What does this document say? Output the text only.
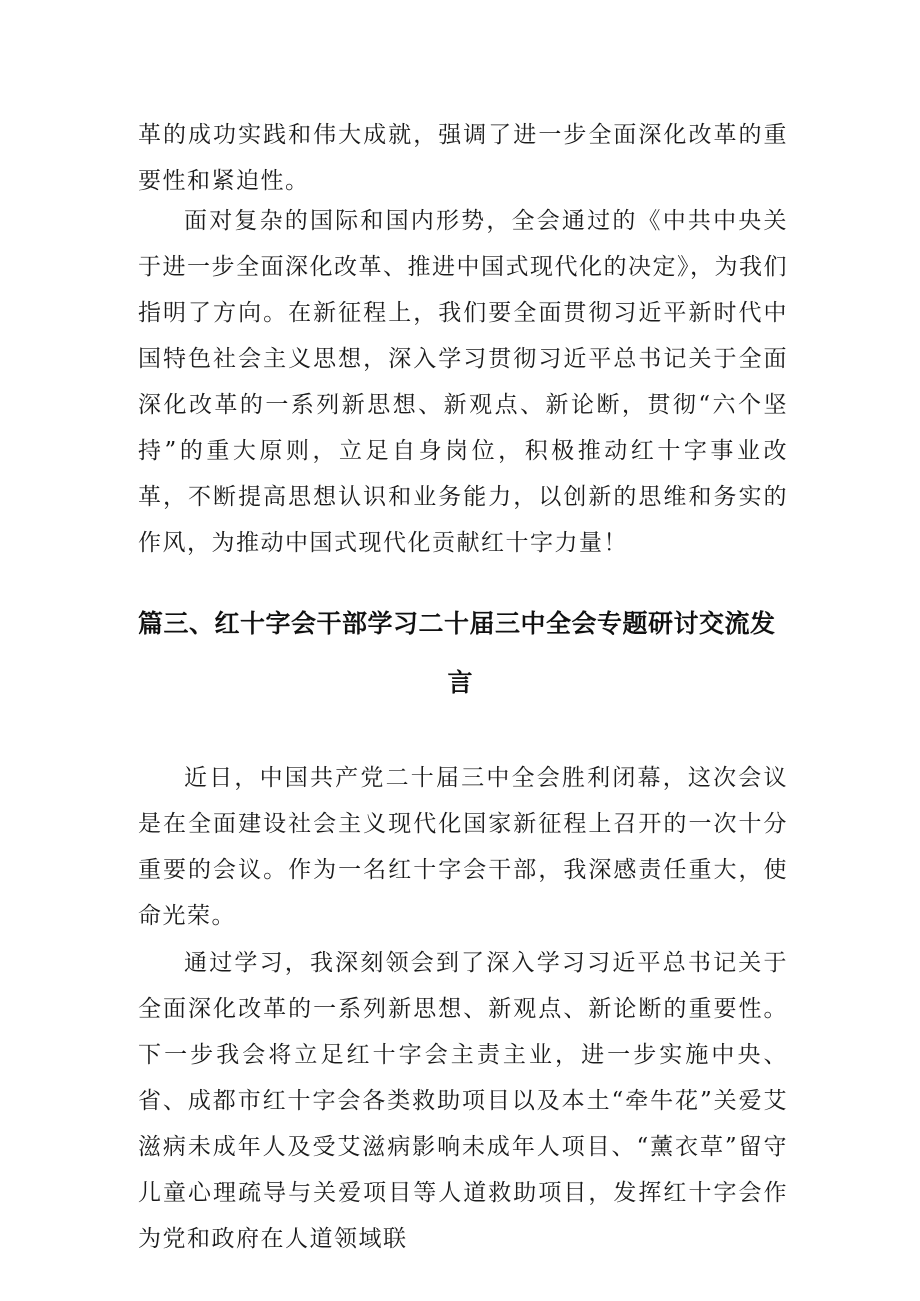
革的成功实践和伟大成就，强调了进一步全面深化改革的重要性和紧迫性。

面对复杂的国际和国内形势，全会通过的《中共中央关于进一步全面深化改革、推进中国式现代化的决定》，为我们指明了方向。在新征程上，我们要全面贯彻习近平新时代中国特色社会主义思想，深入学习贯彻习近平总书记关于全面深化改革的一系列新思想、新观点、新论断，贯彻“六个坚持”的重大原则，立足自身岗位，积极推动红十字事业改革，不断提高思想认识和业务能力，以创新的思维和务实的作风，为推动中国式现代化贡献红十字力量！

篇三、红十字会干部学习二十届三中全会专题研讨交流发
言

近日，中国共产党二十届三中全会胜利闭幕，这次会议是在全面建设社会主义现代化国家新征程上召开的一次十分重要的会议。作为一名红十字会干部，我深感责任重大，使命光荣。

通过学习，我深刻领会到了深入学习习近平总书记关于全面深化改革的一系列新思想、新观点、新论断的重要性。下一步我会将立足红十字会主责主业，进一步实施中央、省、成都市红十字会各类救助项目以及本土“牵牛花”关爱艾滋病未成年人及受艾滋病影响未成年人项目、“薰衣草”留守儿童心理疏导与关爱项目等人道救助项目，发挥红十字会作为党和政府在人道领域联
